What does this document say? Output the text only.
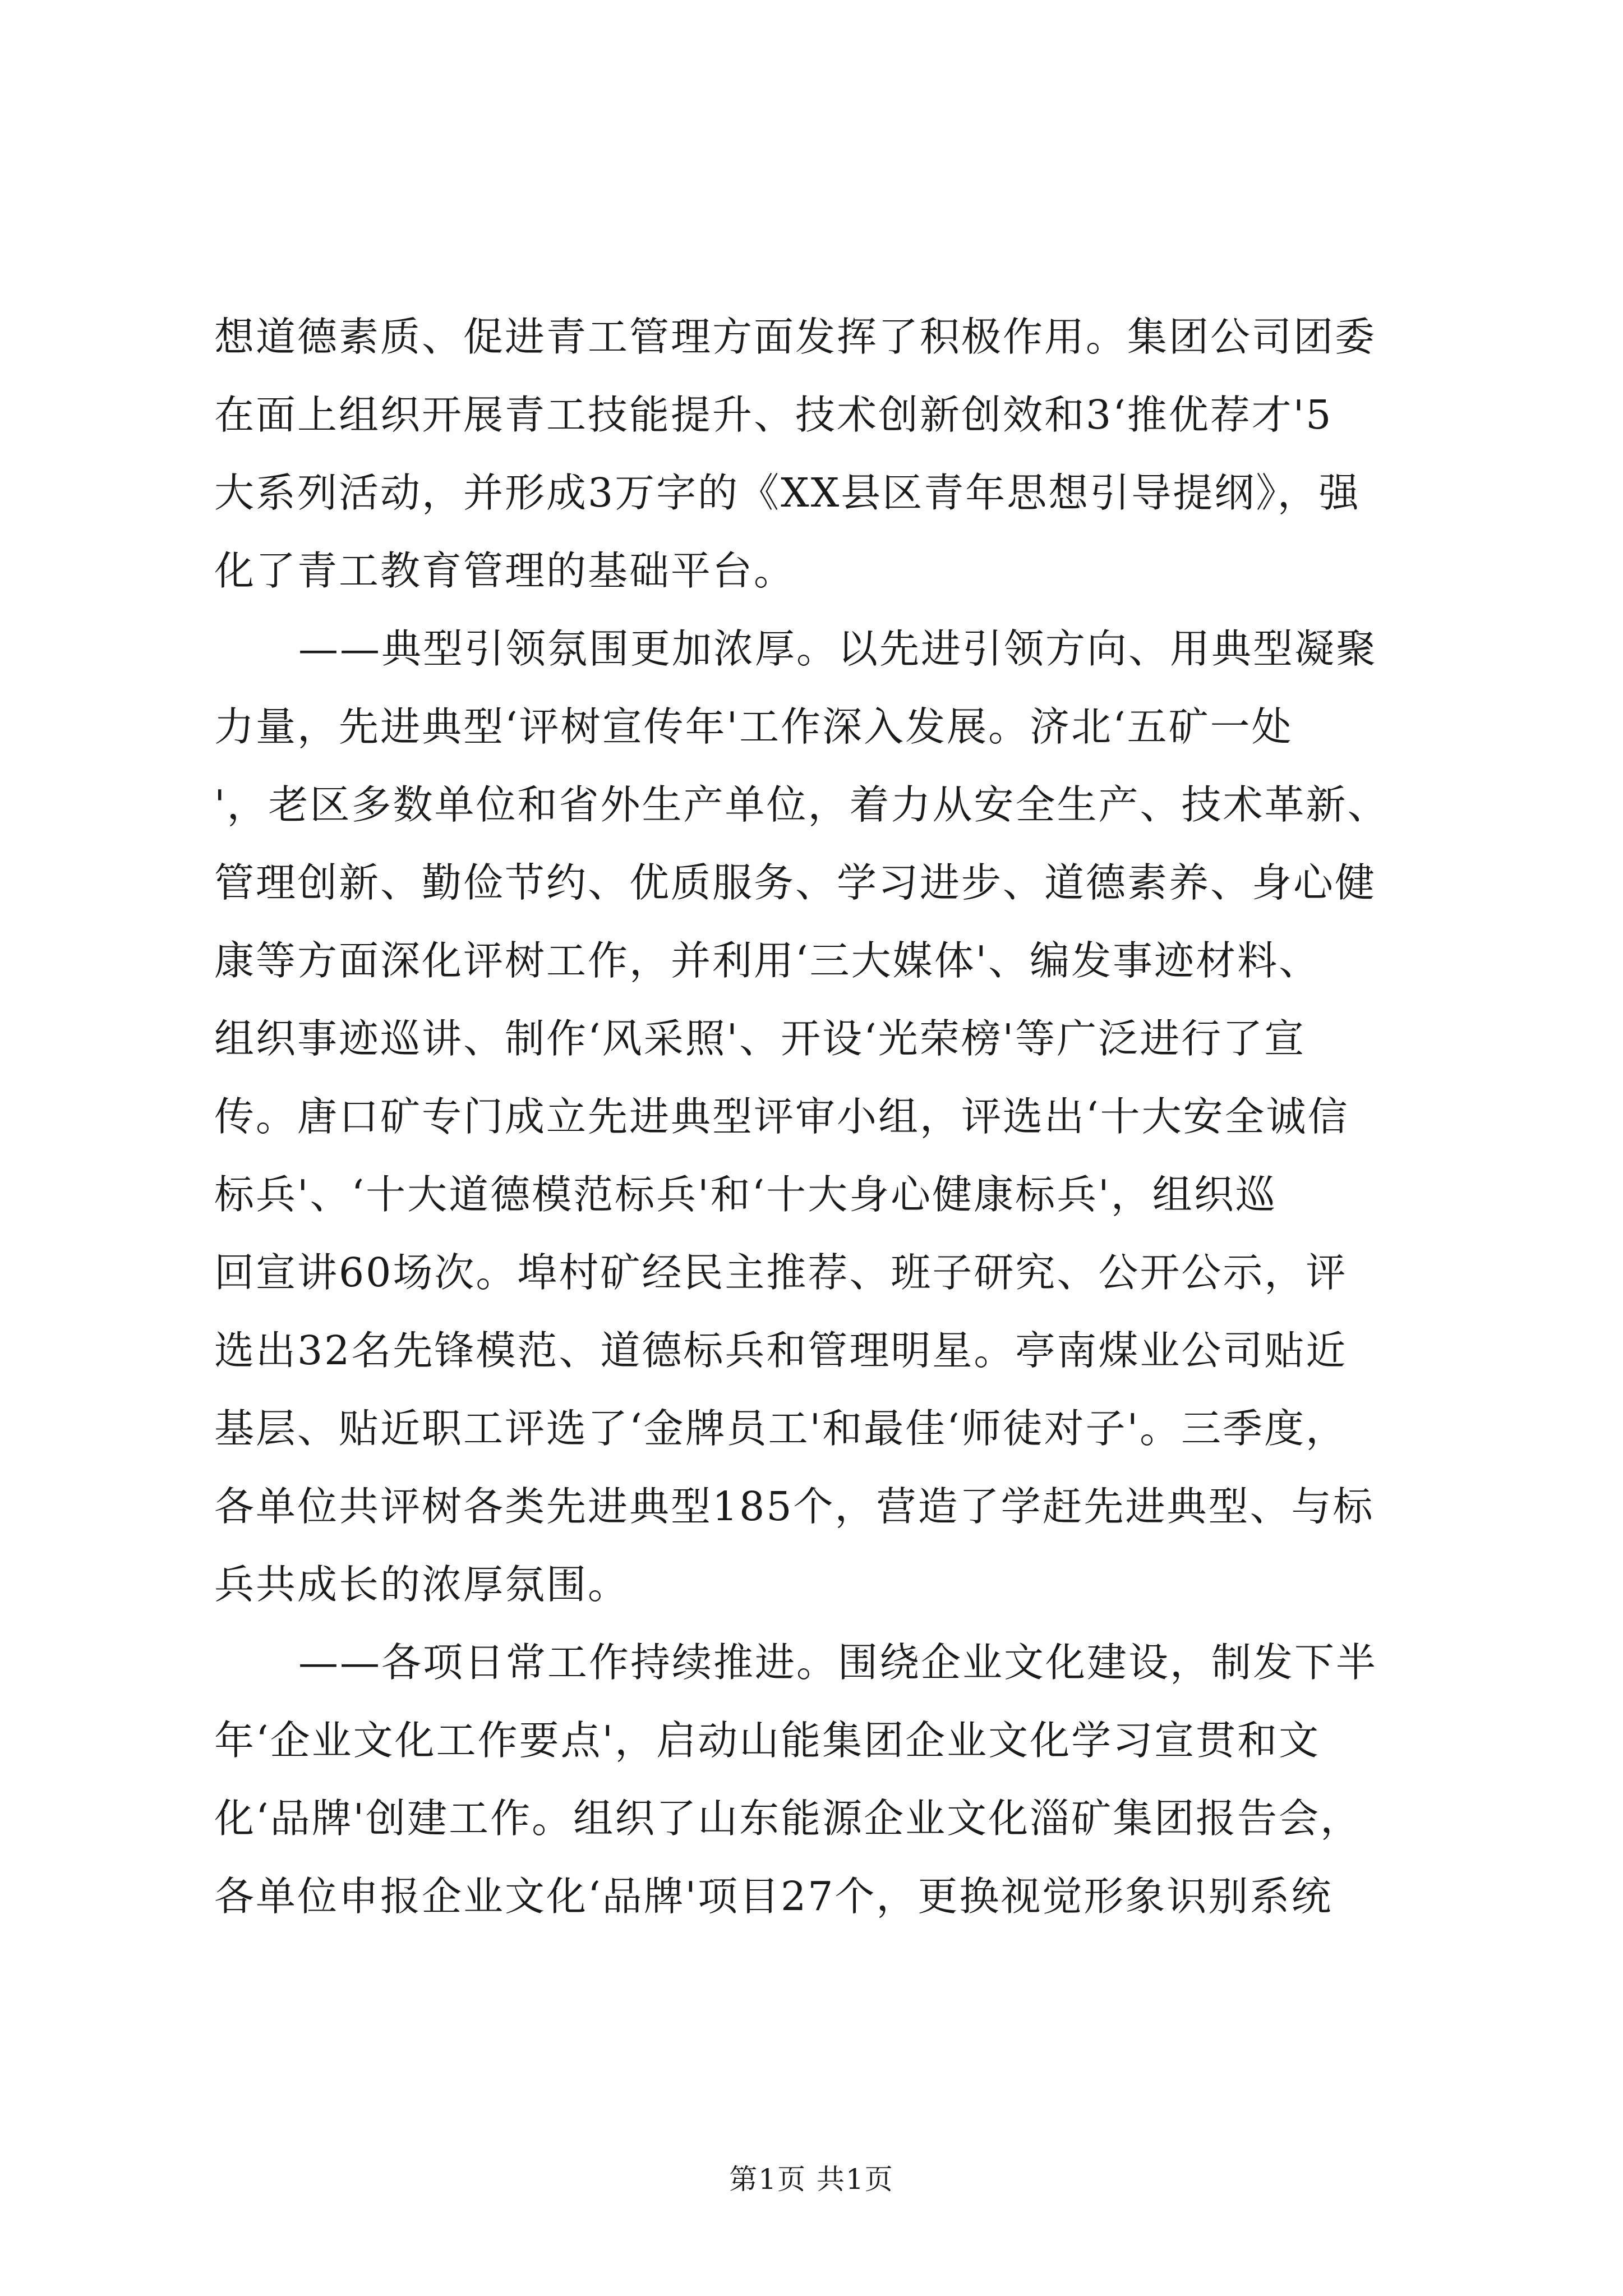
想道德素质、促进青工管理方面发挥了积极作用。集团公司团委
在面上组织开展青工技能提升、技术创新创效和3‘推优荐才'5
大系列活动，并形成3万字的《XX县区青年思想引导提纲》，强
化了青工教育管理的基础平台。
——典型引领氛围更加浓厚。以先进引领方向、用典型凝聚
力量，先进典型‘评树宣传年'工作深入发展。济北‘五矿一处
'，老区多数单位和省外生产单位，着力从安全生产、技术革新、
管理创新、勤俭节约、优质服务、学习进步、道德素养、身心健
康等方面深化评树工作，并利用‘三大媒体'、编发事迹材料、
组织事迹巡讲、制作‘风采照'、开设‘光荣榜'等广泛进行了宣
传。唐口矿专门成立先进典型评审小组，评选出‘十大安全诚信
标兵'、‘十大道德模范标兵'和‘十大身心健康标兵'，组织巡
回宣讲60场次。埠村矿经民主推荐、班子研究、公开公示，评
选出32名先锋模范、道德标兵和管理明星。亭南煤业公司贴近
基层、贴近职工评选了‘金牌员工'和最佳‘师徒对子'。三季度，
各单位共评树各类先进典型185个，营造了学赶先进典型、与标
兵共成长的浓厚氛围。
——各项日常工作持续推进。围绕企业文化建设，制发下半
年‘企业文化工作要点'，启动山能集团企业文化学习宣贯和文
化‘品牌'创建工作。组织了山东能源企业文化淄矿集团报告会，
各单位申报企业文化‘品牌'项目27个，更换视觉形象识别系统
第1页 共1页
